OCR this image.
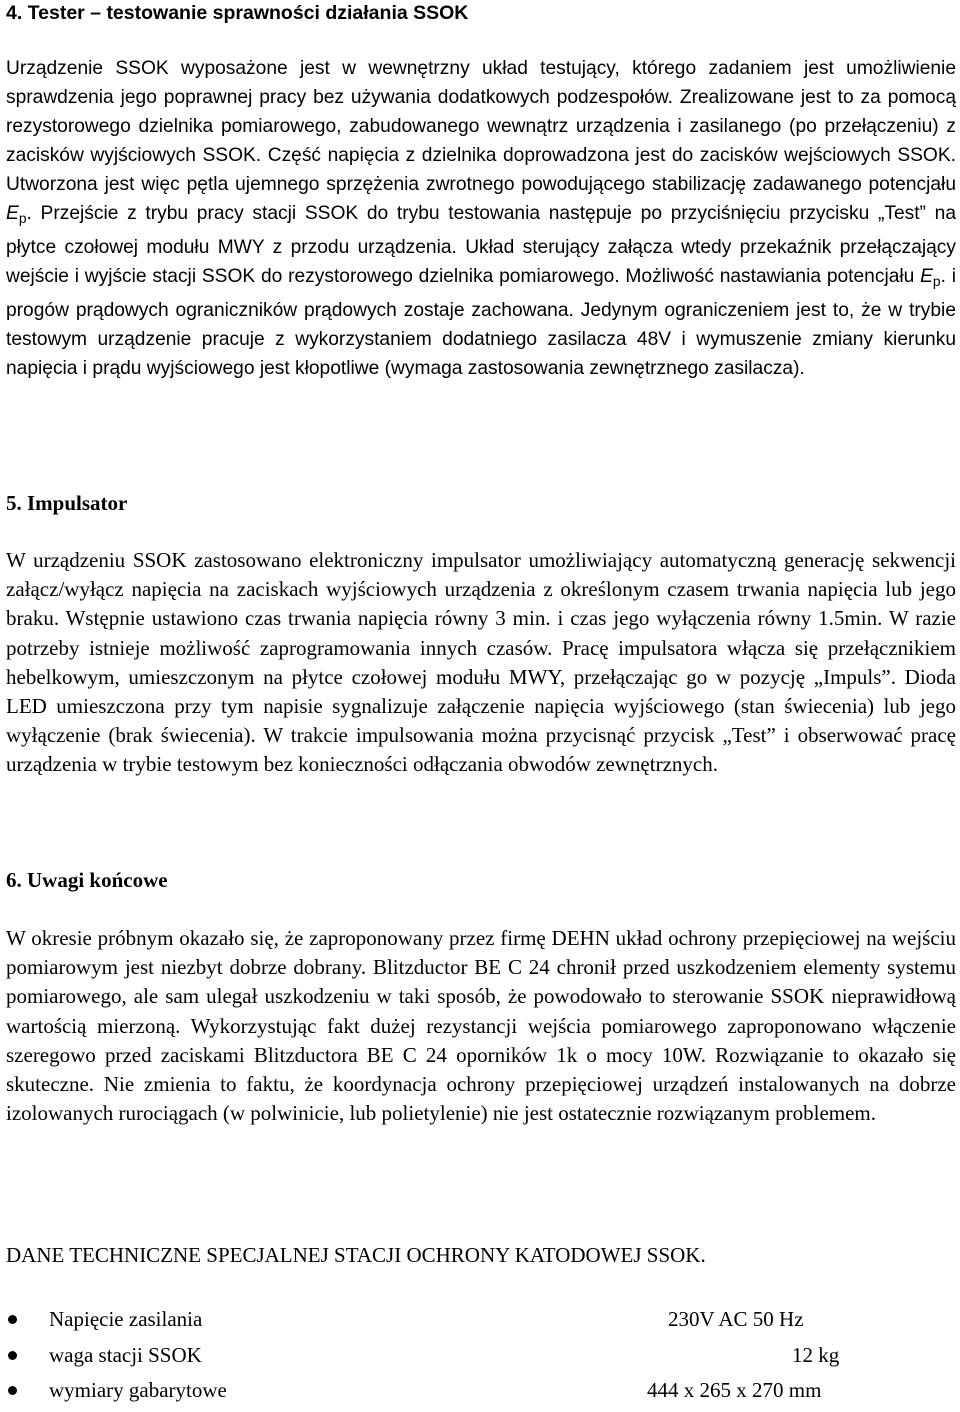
4. Tester – testowanie sprawności działania SSOK

Urządzenie SSOK wyposażone jest w wewnętrzny układ testujący, którego zadaniem jest umożliwienie sprawdzenia jego poprawnej pracy bez używania dodatkowych podzespołów. Zrealizowane jest to za pomocą rezystorowego dzielnika pomiarowego, zabudowanego wewnątrz urządzenia i zasilanego (po przełączeniu) z zacisków wyjściowych SSOK. Część napięcia z dzielnika doprowadzona jest do zacisków wejściowych SSOK. Utworzona jest więc pętla ujemnego sprzężenia zwrotnego powodującego stabilizację zadawanego potencjału $E_p$. Przejście z trybu pracy stacji SSOK do trybu testowania następuje po przyciśnięciu przycisku „Test” na płytce czołowej modułu MWY z przodu urządzenia. Układ sterujący załącza wtedy przekaźnik przełączający wejście i wyjście stacji SSOK do rezystorowego dzielnika pomiarowego. Możliwość nastawiania potencjału $E_p$. i progów prądowych ograniczników prądowych zostaje zachowana. Jedynym ograniczeniem jest to, że w trybie testowym urządzenie pracuje z wykorzystaniem dodatniego zasilacza 48V i wymuszenie zmiany kierunku napięcia i prądu wyjściowego jest kłopotliwe (wymaga zastosowania zewnętrznego zasilacza).

5. Impulsator

W urządzeniu SSOK zastosowano elektroniczny impulsator umożliwiający automatyczną generację sekwencji załącz/wyłącz napięcia na zaciskach wyjściowych urządzenia z określonym czasem trwania napięcia lub jego braku. Wstępnie ustawiono czas trwania napięcia równy 3 min. i czas jego wyłączenia równy 1.5min. W razie potrzeby istnieje możliwość zaprogramowania innych czasów. Pracę impulsatora włącza się przełącznikiem hebelkowym, umieszczonym na płytce czołowej modułu MWY, przełączając go w pozycję „Impuls”. Dioda LED umieszczona przy tym napisie sygnalizuje załączenie napięcia wyjściowego (stan świecenia) lub jego wyłączenie (brak świecenia). W trakcie impulsowania można przycisnąć przycisk „Test” i obserwować pracę urządzenia w trybie testowym bez konieczności odłączania obwodów zewnętrznych.

6. Uwagi końcowe

W okresie próbnym okazało się, że zaproponowany przez firmę DEHN układ ochrony przepięciowej na wejściu pomiarowym jest niezbyt dobrze dobrany. Blitzductor BE C 24 chronił przed uszkodzeniem elementy systemu pomiarowego, ale sam ulegał uszkodzeniu w taki sposób, że powodowało to sterowanie SSOK nieprawidłową wartością mierzoną. Wykorzystując fakt dużej rezystancji wejścia pomiarowego zaproponowano włączenie szeregowo przed zaciskami Blitzductora BE C 24 oporników 1k o mocy 10W. Rozwiązanie to okazało się skuteczne. Nie zmienia to faktu, że koordynacja ochrony przepięciowej urządzeń instalowanych na dobrze izolowanych rurociągach (w polwinicie, lub polietylenie) nie jest ostatecznie rozwiązanym problemem.

DANE TECHNICZNE SPECJALNEJ STACJI OCHRONY KATODOWEJ SSOK.

Napięcie zasilania	230V AC 50 Hz
waga stacji SSOK	12 kg
wymiary gabarytowe	444 x 265 x 270 mm
